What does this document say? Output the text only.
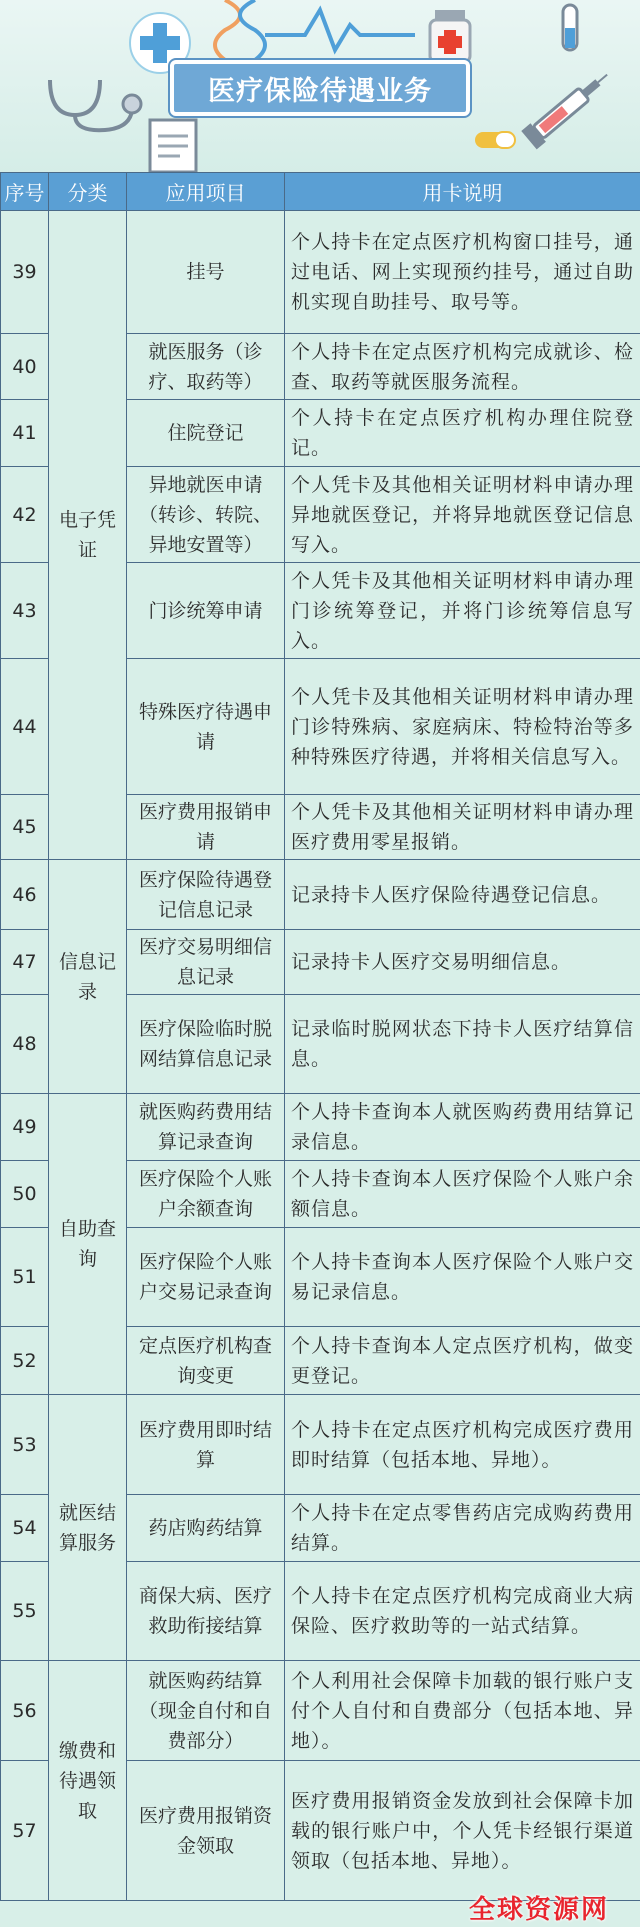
医疗保险待遇业务
序号	分类	应用项目	用卡说明
39	电子凭证	挂号	个人持卡在定点医疗机构窗口挂号，通过电话、网上实现预约挂号，通过自助机实现自助挂号、取号等。
40		就医服务（诊疗、取药等）	个人持卡在定点医疗机构完成就诊、检查、取药等就医服务流程。
41		住院登记	个人持卡在定点医疗机构办理住院登记。
42		异地就医申请（转诊、转院、异地安置等）	个人凭卡及其他相关证明材料申请办理异地就医登记，并将异地就医登记信息写入。
43		门诊统筹申请	个人凭卡及其他相关证明材料申请办理门诊统筹登记，并将门诊统筹信息写入。
44		特殊医疗待遇申请	个人凭卡及其他相关证明材料申请办理门诊特殊病、家庭病床、特检特治等多种特殊医疗待遇，并将相关信息写入。
45		医疗费用报销申请	个人凭卡及其他相关证明材料申请办理医疗费用零星报销。
46	信息记录	医疗保险待遇登记信息记录	记录持卡人医疗保险待遇登记信息。
47		医疗交易明细信息记录	记录持卡人医疗交易明细信息。
48		医疗保险临时脱网结算信息记录	记录临时脱网状态下持卡人医疗结算信息。
49	自助查询	就医购药费用结算记录查询	个人持卡查询本人就医购药费用结算记录信息。
50		医疗保险个人账户余额查询	个人持卡查询本人医疗保险个人账户余额信息。
51		医疗保险个人账户交易记录查询	个人持卡查询本人医疗保险个人账户交易记录信息。
52		定点医疗机构查询变更	个人持卡查询本人定点医疗机构，做变更登记。
53	就医结算服务	医疗费用即时结算	个人持卡在定点医疗机构完成医疗费用即时结算（包括本地、异地）。
54		药店购药结算	个人持卡在定点零售药店完成购药费用结算。
55		商保大病、医疗救助衔接结算	个人持卡在定点医疗机构完成商业大病保险、医疗救助等的一站式结算。
56	缴费和待遇领取	就医购药结算（现金自付和自费部分）	个人利用社会保障卡加载的银行账户支付个人自付和自费部分（包括本地、异地）。
57		医疗费用报销资金领取	医疗费用报销资金发放到社会保障卡加载的银行账户中，个人凭卡经银行渠道领取（包括本地、异地）。
全球资源网
